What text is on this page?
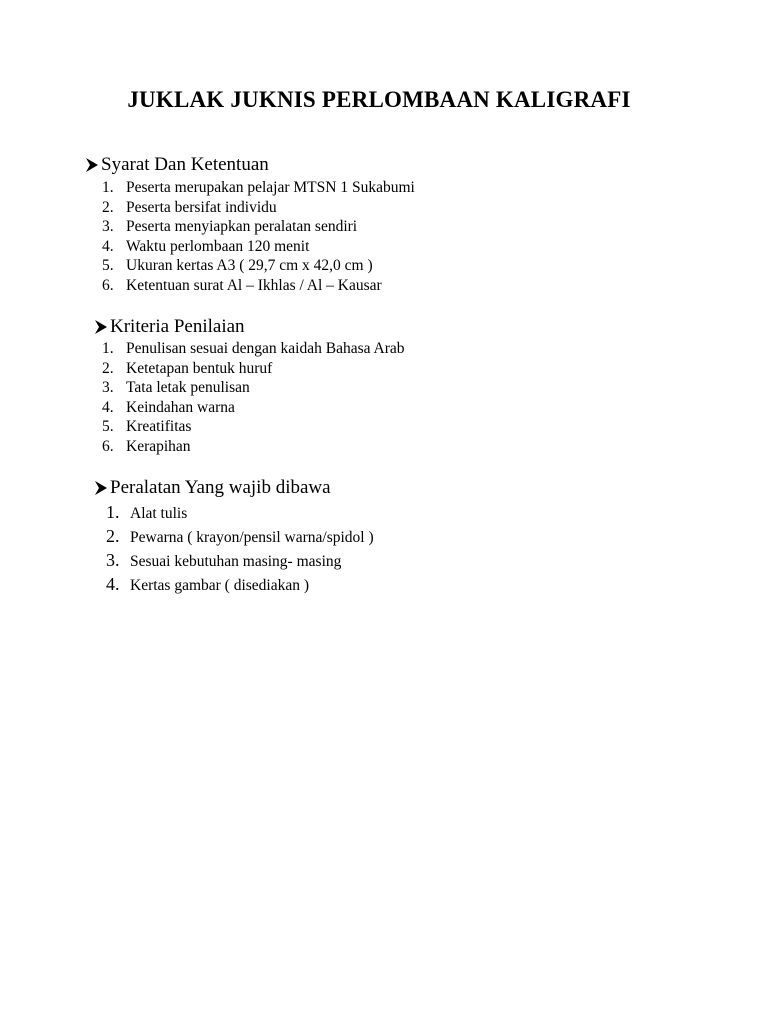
JUKLAK JUKNIS PERLOMBAAN KALIGRAFI
Syarat Dan Ketentuan
1. Peserta merupakan pelajar MTSN 1 Sukabumi
2. Peserta bersifat individu
3. Peserta menyiapkan peralatan sendiri
4. Waktu perlombaan 120 menit
5. Ukuran kertas A3 ( 29,7 cm x 42,0 cm )
6. Ketentuan surat Al – Ikhlas / Al – Kausar
Kriteria Penilaian
1. Penulisan sesuai dengan kaidah Bahasa Arab
2. Ketetapan bentuk huruf
3. Tata letak penulisan
4. Keindahan warna
5. Kreatifitas
6. Kerapihan
Peralatan Yang wajib dibawa
1. Alat tulis
2. Pewarna ( krayon/pensil warna/spidol )
3. Sesuai kebutuhan masing- masing
4. Kertas gambar ( disediakan )
